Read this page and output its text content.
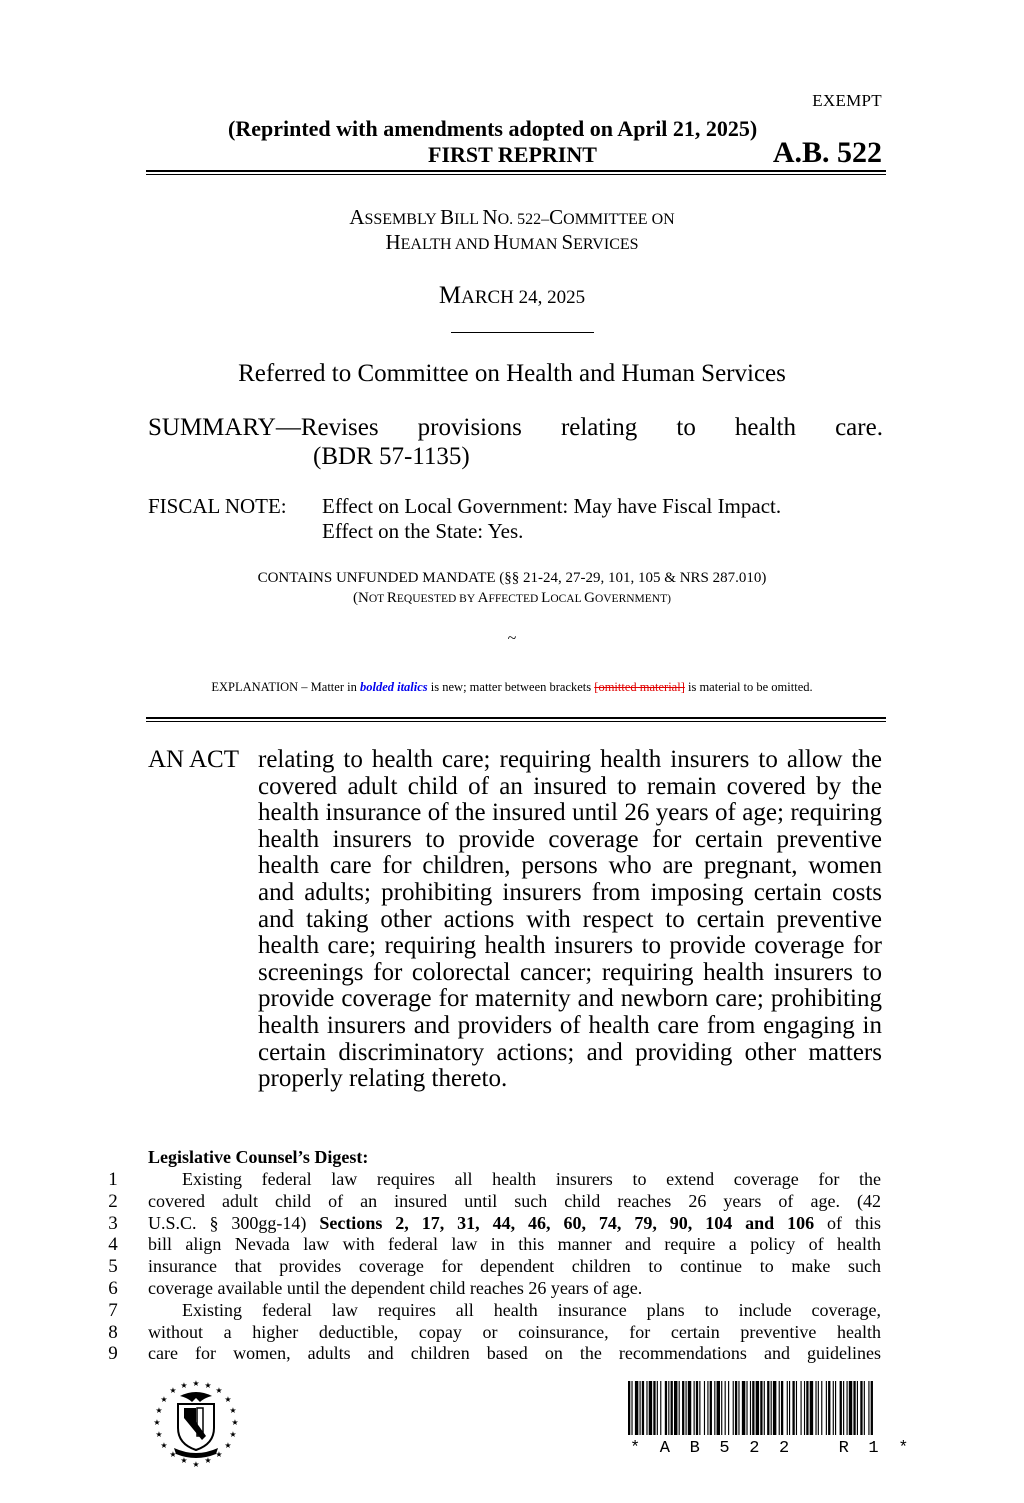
EXEMPT
(Reprinted with amendments adopted on April 21, 2025)
FIRST REPRINT	A.B. 522
ASSEMBLY BILL NO. 522–COMMITTEE ON
HEALTH AND HUMAN SERVICES
MARCH 24, 2025
Referred to Committee on Health and Human Services
SUMMARY—Revises provisions relating to health care.
(BDR 57-1135)
FISCAL NOTE: Effect on Local Government: May have Fiscal Impact.
Effect on the State: Yes.
CONTAINS UNFUNDED MANDATE (§§ 21-24, 27-29, 101, 105 & NRS 287.010)
(NOT REQUESTED BY AFFECTED LOCAL GOVERNMENT)
~
EXPLANATION – Matter in bolded italics is new; matter between brackets [omitted material] is material to be omitted.
AN ACT relating to health care; requiring health insurers to allow the covered adult child of an insured to remain covered by the health insurance of the insured until 26 years of age; requiring health insurers to provide coverage for certain preventive health care for children, persons who are pregnant, women and adults; prohibiting insurers from imposing certain costs and taking other actions with respect to certain preventive health care; requiring health insurers to provide coverage for screenings for colorectal cancer; requiring health insurers to provide coverage for maternity and newborn care; prohibiting health insurers and providers of health care from engaging in certain discriminatory actions; and providing other matters properly relating thereto.
Legislative Counsel’s Digest:
1	Existing federal law requires all health insurers to extend coverage for the
2 covered adult child of an insured until such child reaches 26 years of age. (42
3 U.S.C. § 300gg-14) Sections 2, 17, 31, 44, 46, 60, 74, 79, 90, 104 and 106 of this
4 bill align Nevada law with federal law in this manner and require a policy of health
5 insurance that provides coverage for dependent children to continue to make such
6 coverage available until the dependent child reaches 26 years of age.
7	Existing federal law requires all health insurance plans to include coverage,
8 without a higher deductible, copay or coinsurance, for certain preventive health
9 care for women, adults and children based on the recommendations and guidelines
★
★ ★
★	★
★	★
★	★
★	★
★	★
★	★
★	★
★ ★
★
* A B 5 2 2   R 1 *
